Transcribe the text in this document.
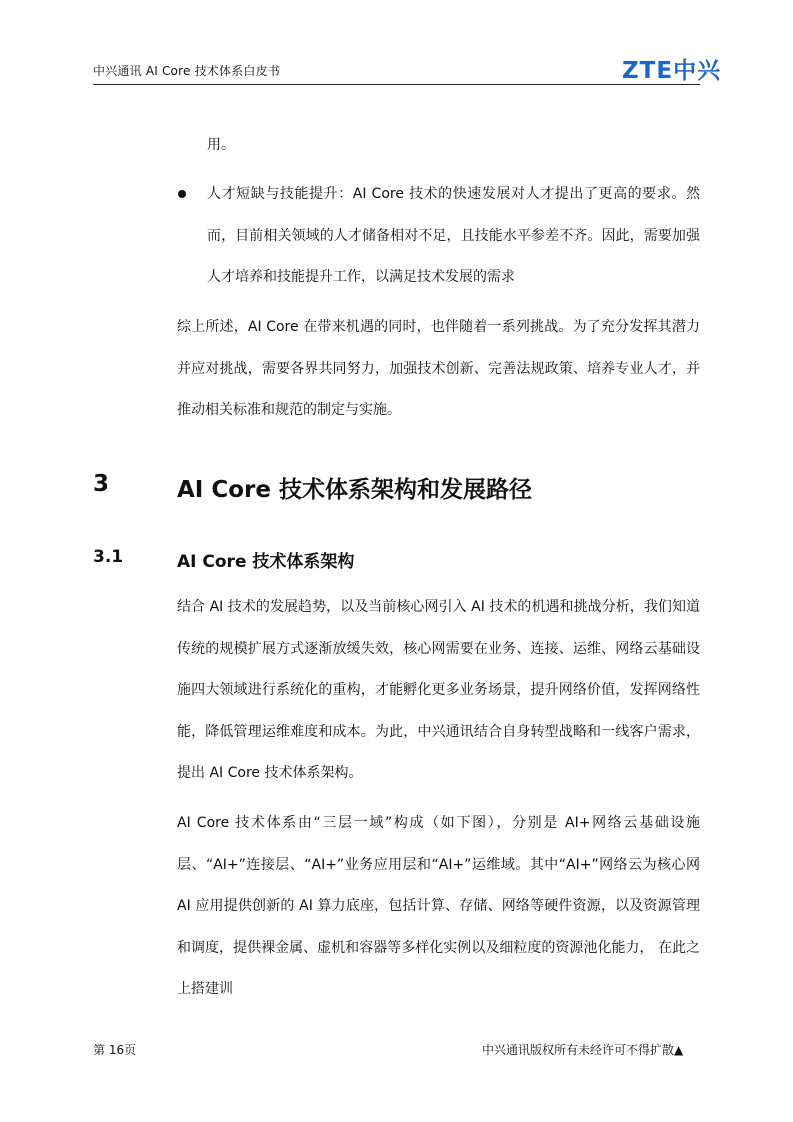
中兴通讯 AI Core 技术体系白皮书	ZTE中兴
用。
人才短缺与技能提升：AI Core 技术的快速发展对人才提出了更高的要求。然而，目前相关领域的人才储备相对不足，且技能水平参差不齐。因此，需要加强人才培养和技能提升工作，以满足技术发展的需求
综上所述，AI Core 在带来机遇的同时，也伴随着一系列挑战。为了充分发挥其潜力并应对挑战，需要各界共同努力，加强技术创新、完善法规政策、培养专业人才，并推动相关标准和规范的制定与实施。
3	AI Core 技术体系架构和发展路径
3.1	AI Core 技术体系架构
结合 AI 技术的发展趋势，以及当前核心网引入 AI 技术的机遇和挑战分析，我们知道传统的规模扩展方式逐渐放缓失效，核心网需要在业务、连接、运维、网络云基础设施四大领域进行系统化的重构，才能孵化更多业务场景，提升网络价值，发挥网络性能，降低管理运维难度和成本。为此，中兴通讯结合自身转型战略和一线客户需求，提出 AI Core 技术体系架构。
AI Core 技术体系由“三层一域”构成（如下图），分别是 AI+网络云基础设施层、“AI+”连接层、“AI+”业务应用层和“AI+”运维域。其中“AI+”网络云为核心网 AI 应用提供创新的 AI 算力底座，包括计算、存储、网络等硬件资源，以及资源管理和调度，提供裸金属、虚机和容器等多样化实例以及细粒度的资源池化能力， 在此之上搭建训
第 16页	中兴通讯版权所有未经许可不得扩散▲
